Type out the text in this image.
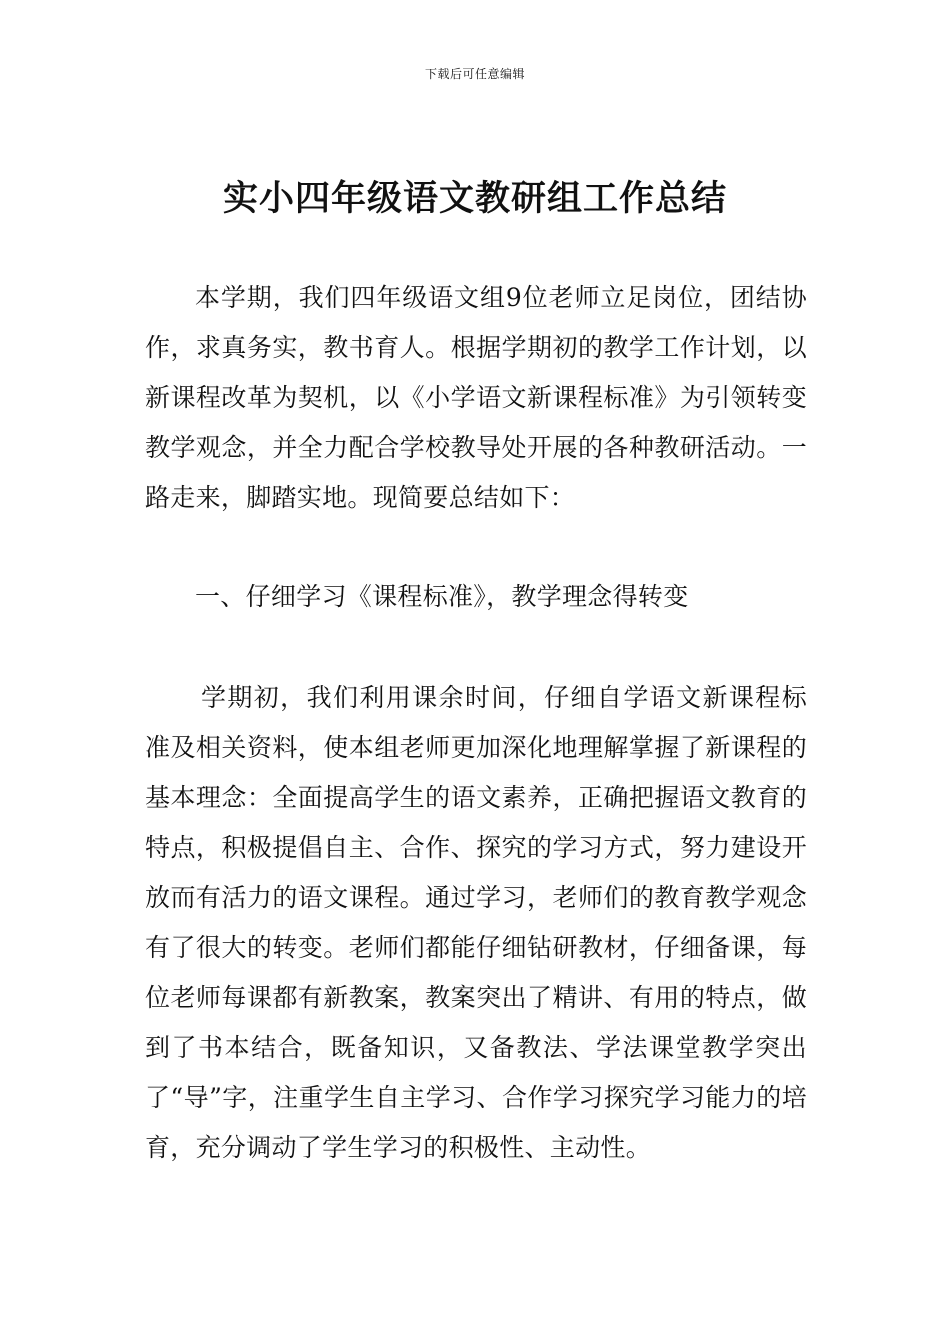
下载后可任意编辑
实小四年级语文教研组工作总结

本学期，我们四年级语文组9位老师立足岗位，团结协作，求真务实，教书育人。根据学期初的教学工作计划，以新课程改革为契机，以《小学语文新课程标准》为引领转变教学观念，并全力配合学校教导处开展的各种教研活动。一路走来，脚踏实地。现简要总结如下：

一、仔细学习《课程标准》，教学理念得转变

学期初，我们利用课余时间，仔细自学语文新课程标准及相关资料，使本组老师更加深化地理解掌握了新课程的基本理念：全面提高学生的语文素养，正确把握语文教育的特点，积极提倡自主、合作、探究的学习方式，努力建设开放而有活力的语文课程。通过学习，老师们的教育教学观念有了很大的转变。老师们都能仔细钻研教材，仔细备课，每位老师每课都有新教案，教案突出了精讲、有用的特点，做到了书本结合，既备知识，又备教法、学法课堂教学突出了“导”字，注重学生自主学习、合作学习探究学习能力的培育，充分调动了学生学习的积极性、主动性。
